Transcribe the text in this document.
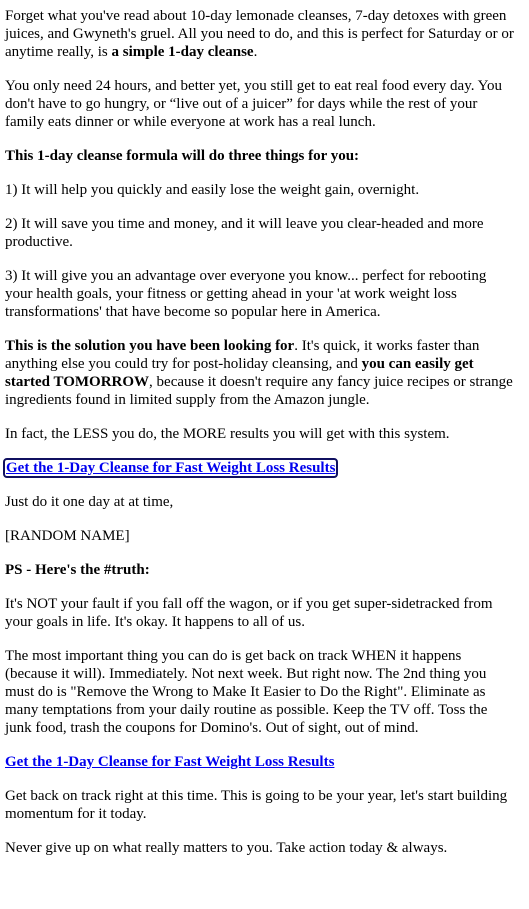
Forget what you've read about 10-day lemonade cleanses, 7-day detoxes with green juices, and Gwyneth's gruel. All you need to do, and this is perfect for Saturday or or anytime really, is a simple 1-day cleanse.

You only need 24 hours, and better yet, you still get to eat real food every day. You don't have to go hungry, or “live out of a juicer” for days while the rest of your family eats dinner or while everyone at work has a real lunch.

This 1-day cleanse formula will do three things for you:

1) It will help you quickly and easily lose the weight gain, overnight.

2) It will save you time and money, and it will leave you clear-headed and more productive.

3) It will give you an advantage over everyone you know... perfect for rebooting your health goals, your fitness or getting ahead in your 'at work weight loss transformations' that have become so popular here in America.

This is the solution you have been looking for. It's quick, it works faster than anything else you could try for post-holiday cleansing, and you can easily get started TOMORROW, because it doesn't require any fancy juice recipes or strange ingredients found in limited supply from the Amazon jungle.

In fact, the LESS you do, the MORE results you will get with this system.

Get the 1-Day Cleanse for Fast Weight Loss Results

Just do it one day at at time,

[RANDOM NAME]

PS - Here's the #truth:

It's NOT your fault if you fall off the wagon, or if you get super-sidetracked from your goals in life. It's okay. It happens to all of us.

The most important thing you can do is get back on track WHEN it happens (because it will). Immediately. Not next week. But right now. The 2nd thing you must do is "Remove the Wrong to Make It Easier to Do the Right". Eliminate as many temptations from your daily routine as possible. Keep the TV off. Toss the junk food, trash the coupons for Domino's. Out of sight, out of mind.

Get the 1-Day Cleanse for Fast Weight Loss Results

Get back on track right at this time. This is going to be your year, let's start building momentum for it today.

Never give up on what really matters to you. Take action today & always.
